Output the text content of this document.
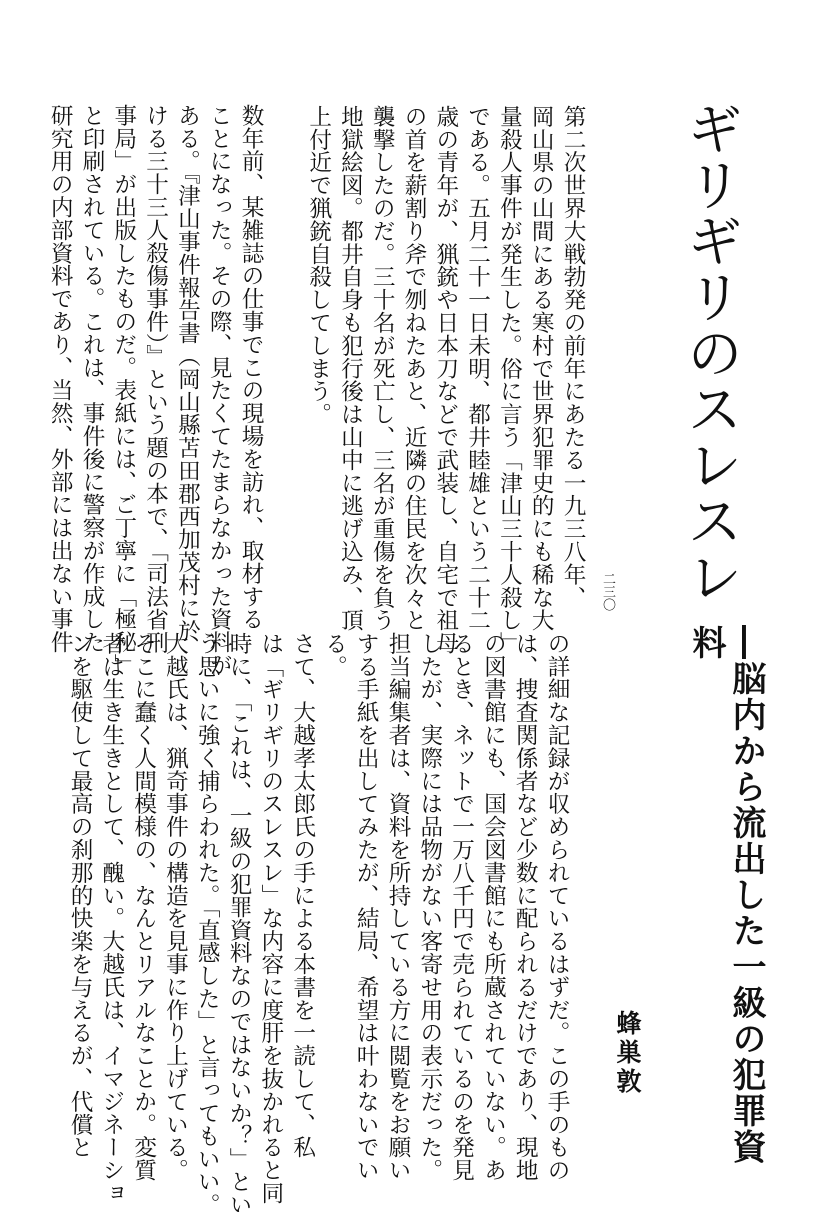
ギリギリのスレスレ
―脳内から流出した一級の犯罪資料
蜂巣敦
二三〇
第二次世界大戦勃発の前年にあたる一九三八年、
岡山県の山間にある寒村で世界犯罪史的にも稀な大
量殺人事件が発生した。俗に言う「津山三十人殺し」
である。五月二十一日未明、都井睦雄という二十二
歳の青年が、猟銃や日本刀などで武装し、自宅で祖母
の首を薪割り斧で刎ねたあと、近隣の住民を次々と
襲撃したのだ。三十名が死亡し、三名が重傷を負う
地獄絵図。都井自身も犯行後は山中に逃げ込み、頂
上付近で猟銃自殺してしまう。
数年前、某雑誌の仕事でこの現場を訪れ、取材する
ことになった。その際、見たくてたまらなかった資料が
ある。『津山事件報告書（岡山縣苫田郡西加茂村に於
ける三十三人殺傷事件）』という題の本で、「司法省刑
事局」が出版したものだ。表紙には、ご丁寧に「極秘」
と印刷されている。これは、事件後に警察が作成した
研究用の内部資料であり、当然、外部には出ない事件
の詳細な記録が収められているはずだ。この手のもの
は、捜査関係者など少数に配られるだけであり、現地
の図書館にも、国会図書館にも所蔵されていない。あ
るとき、ネットで一万八千円で売られているのを発見
したが、実際には品物がない客寄せ用の表示だった。
担当編集者は、資料を所持している方に閲覧をお願い
する手紙を出してみたが、結局、希望は叶わないでい
る。
さて、大越孝太郎氏の手による本書を一読して、私
は「ギリギリのスレスレ」な内容に度肝を抜かれると同
時に、「これは、一級の犯罪資料なのではないか？」とい
う思いに強く捕らわれた。「直感した」と言ってもいい。
大越氏は、猟奇事件の構造を見事に作り上げている。
そこに蠢く人間模様の、なんとリアルなことか。変質
者は生き生きとして、醜い。大越氏は、イマジネーショ
ンを駆使して最高の刹那的快楽を与えるが、代償と
